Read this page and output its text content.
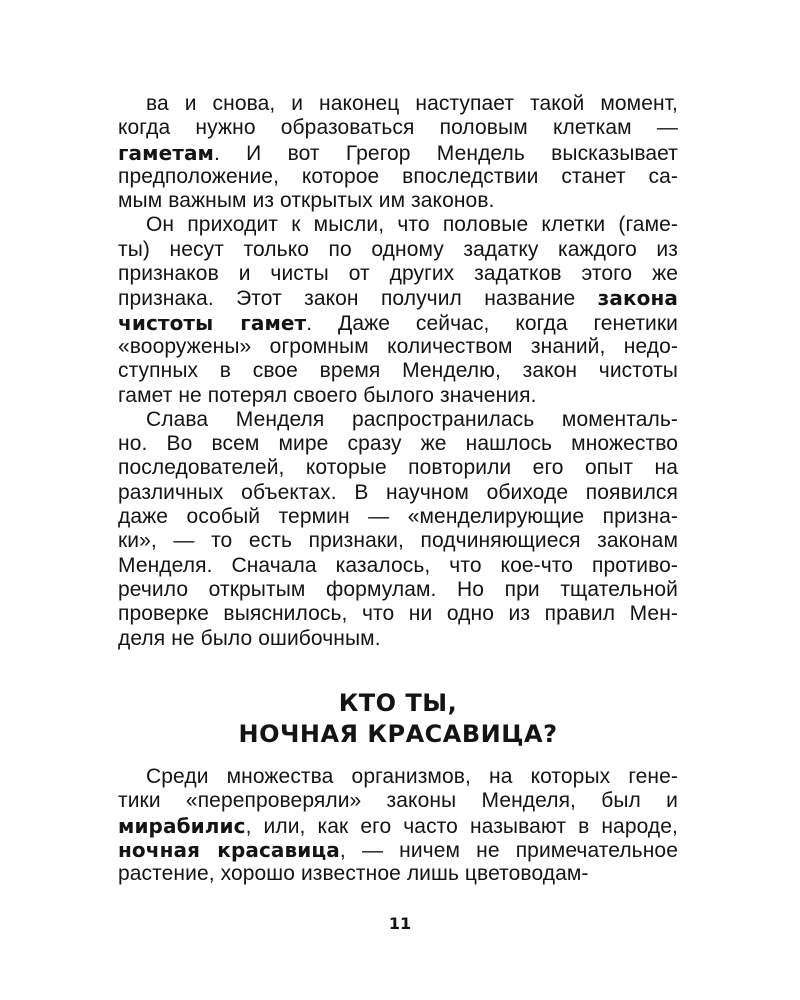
ва и снова, и наконец наступает такой момент,
когда нужно образоваться половым клеткам —
гаметам. И вот Грегор Мендель высказывает
предположение, которое впоследствии станет са-
мым важным из открытых им законов.
Он приходит к мысли, что половые клетки (гаме-
ты) несут только по одному задатку каждого из
признаков и чисты от других задатков этого же
признака. Этот закон получил название закона
чистоты гамет. Даже сейчас, когда генетики
«вооружены» огромным количеством знаний, недо-
ступных в свое время Менделю, закон чистоты
гамет не потерял своего былого значения.
Слава Менделя распространилась моменталь-
но. Во всем мире сразу же нашлось множество
последователей, которые повторили его опыт на
различных объектах. В научном обиходе появился
даже особый термин — «менделирующие призна-
ки», — то есть признаки, подчиняющиеся законам
Менделя. Сначала казалось, что кое-что противо-
речило открытым формулам. Но при тщательной
проверке выяснилось, что ни одно из правил Мен-
деля не было ошибочным.
КТО ТЫ,
НОЧНАЯ КРАСАВИЦА?
Среди множества организмов, на которых гене-
тики «перепроверяли» законы Менделя, был и
мирабилис, или, как его часто называют в народе,
ночная красавица, — ничем не примечательное
растение, хорошо известное лишь цветоводам-
11
